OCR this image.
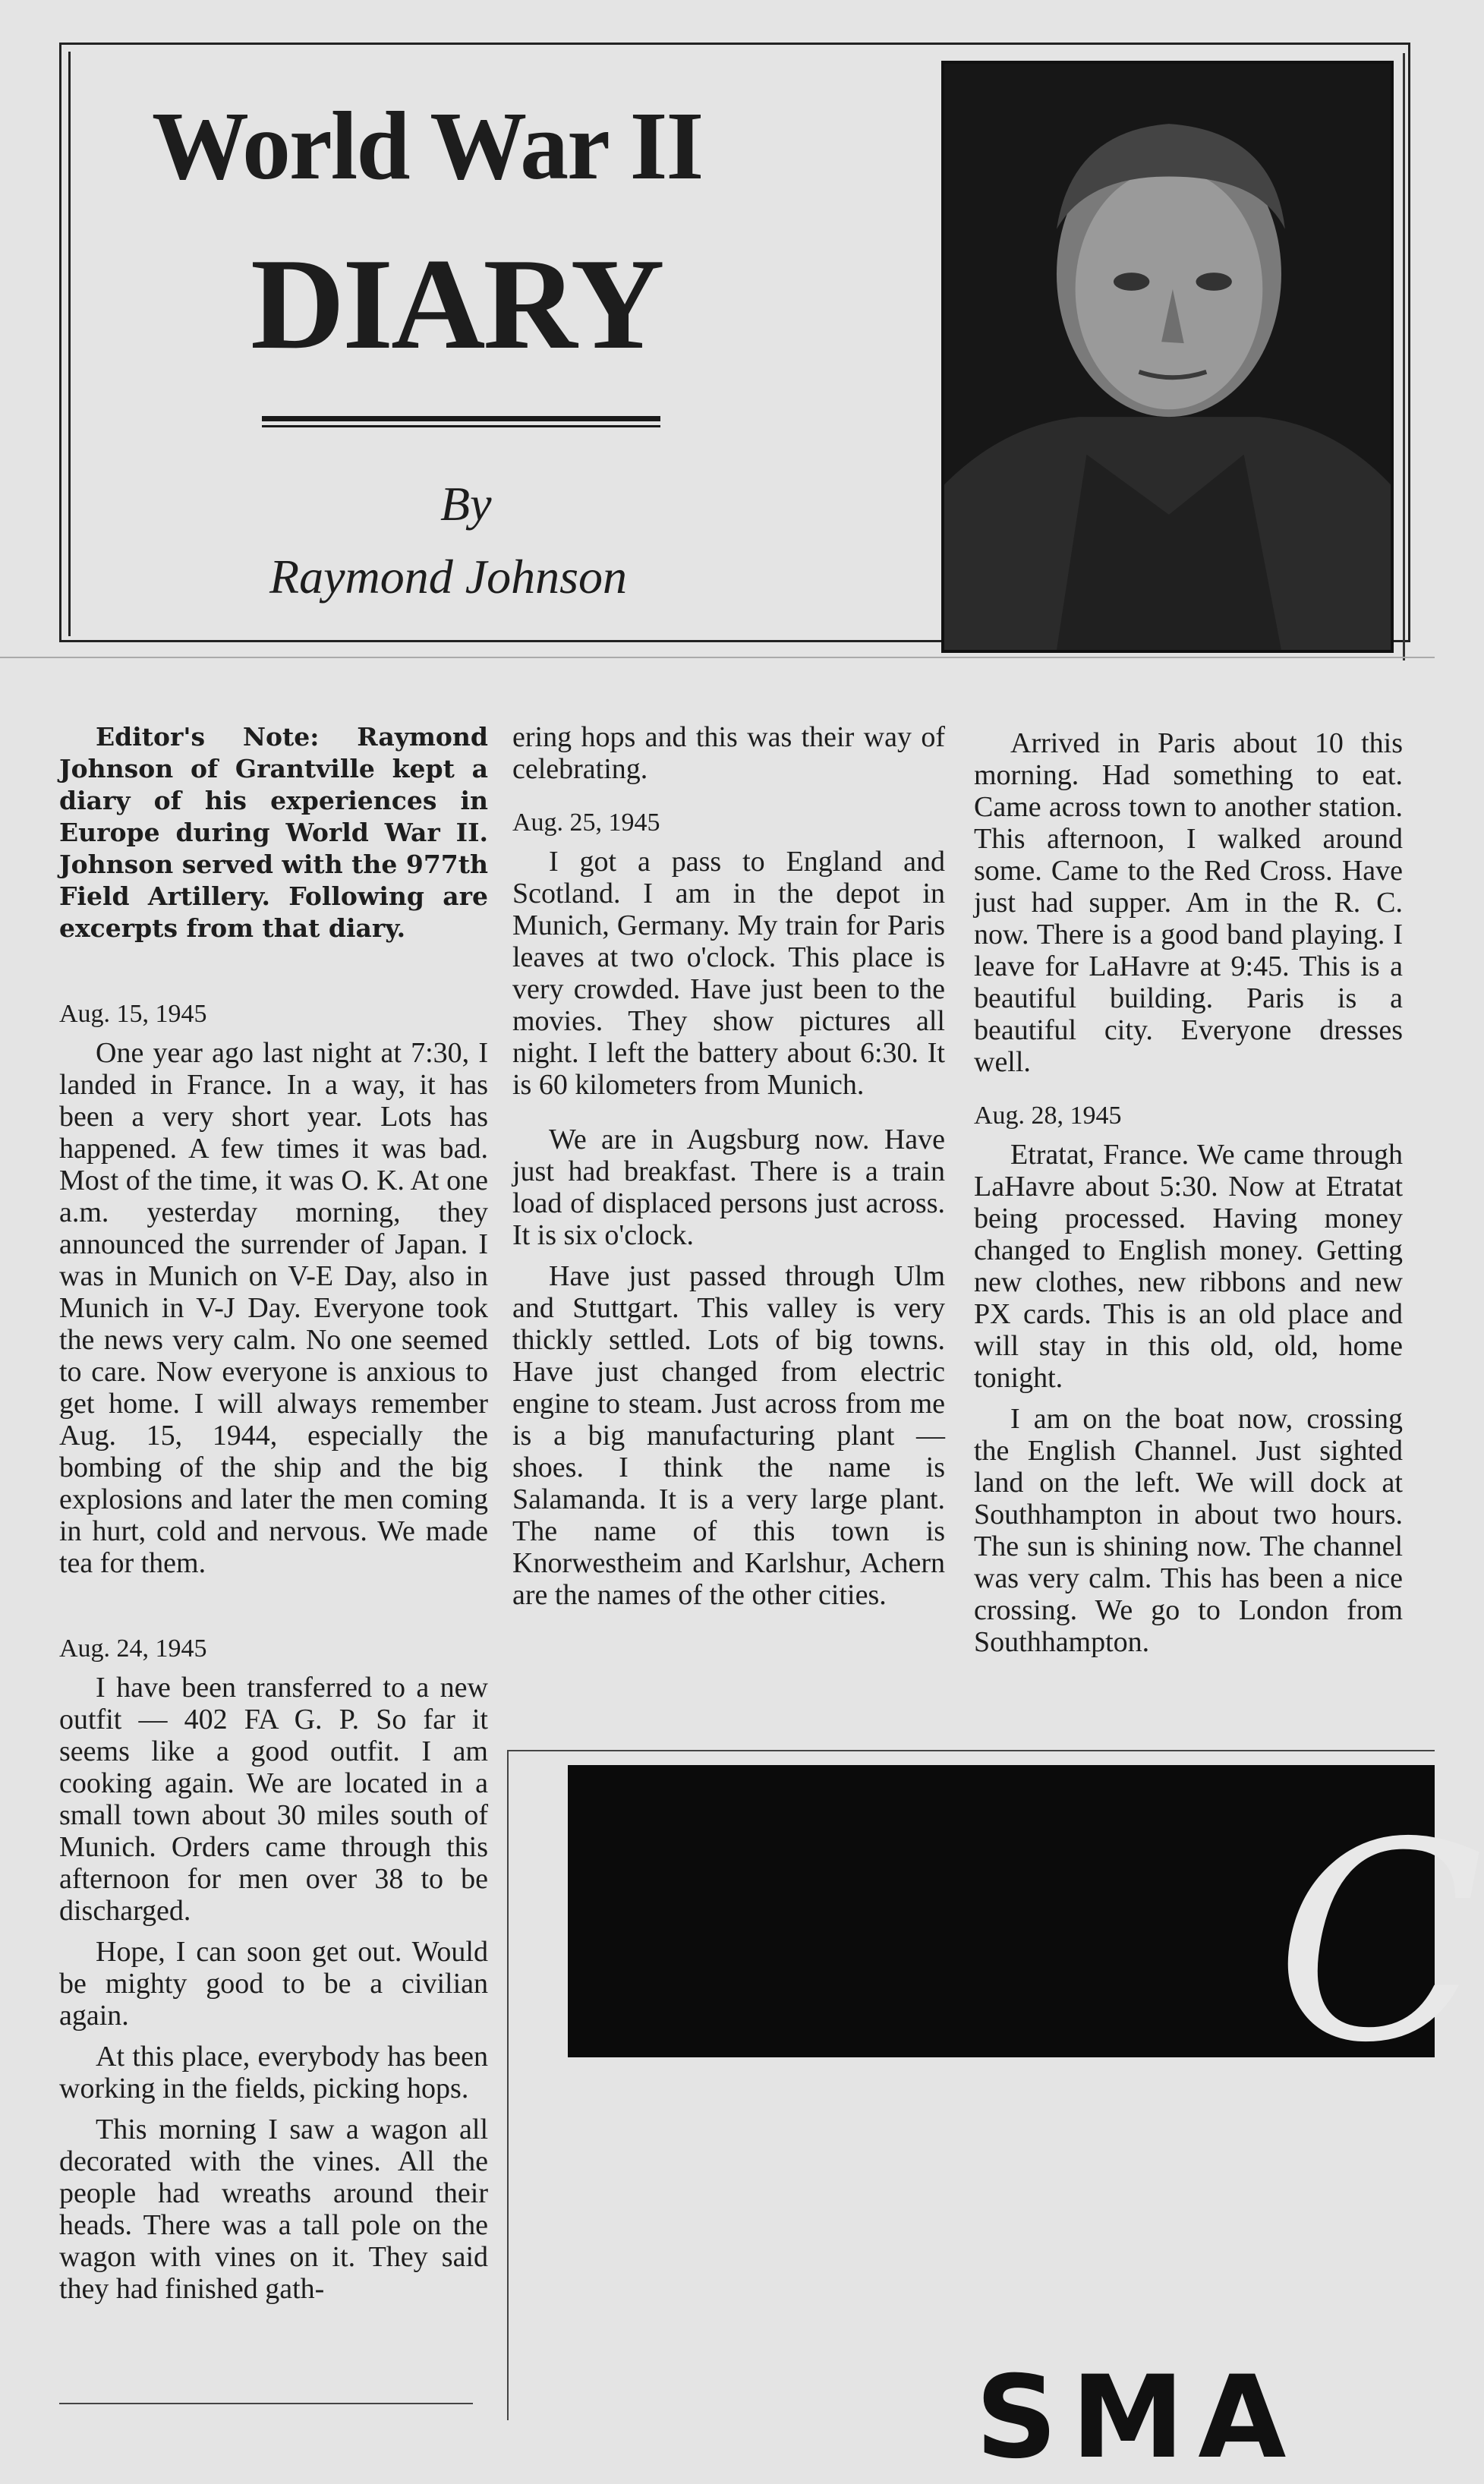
World War II
DIARY
By
Raymond Johnson

Editor's Note: Raymond Johnson of Grantville kept a diary of his experiences in Europe during World War II. Johnson served with the 977th Field Artillery. Following are excerpts from that diary.

Aug. 15, 1945

One year ago last night at 7:30, I landed in France. In a way, it has been a very short year. Lots has happened. A few times it was bad. Most of the time, it was O. K. At one a.m. yesterday morning, they announced the surrender of Japan. I was in Munich on V-E Day, also in Munich in V-J Day. Everyone took the news very calm. No one seemed to care. Now everyone is anxious to get home. I will always remember Aug. 15, 1944, especially the bombing of the ship and the big explosions and later the men coming in hurt, cold and nervous. We made tea for them.

Aug. 24, 1945

I have been transferred to a new outfit — 402 FA G. P. So far it seems like a good outfit. I am cooking again. We are located in a small town about 30 miles south of Munich. Orders came through this afternoon for men over 38 to be discharged.

Hope, I can soon get out. Would be mighty good to be a civilian again.

At this place, everybody has been working in the fields, picking hops.

This morning I saw a wagon all decorated with the vines. All the people had wreaths around their heads. There was a tall pole on the wagon with vines on it. They said they had finished gath-

ering hops and this was their way of celebrating.

Aug. 25, 1945

I got a pass to England and Scotland. I am in the depot in Munich, Germany. My train for Paris leaves at two o'clock. This place is very crowded. Have just been to the movies. They show pictures all night. I left the battery about 6:30. It is 60 kilometers from Munich.

We are in Augsburg now. Have just had breakfast. There is a train load of displaced persons just across. It is six o'clock.

Have just passed through Ulm and Stuttgart. This valley is very thickly settled. Lots of big towns. Have just changed from electric engine to steam. Just across from me is a big manufacturing plant — shoes. I think the name is Salamanda. It is a very large plant. The name of this town is Knorwestheim and Karlshur, Achern are the names of the other cities.

Arrived in Paris about 10 this morning. Had something to eat. Came across town to another station. This afternoon, I walked around some. Came to the Red Cross. Have just had supper. Am in the R. C. now. There is a good band playing. I leave for LaHavre at 9:45. This is a beautiful building. Paris is a beautiful city. Everyone dresses well.

Aug. 28, 1945

Etratat, France. We came through LaHavre about 5:30. Now at Etratat being processed. Having money changed to English money. Getting new clothes, new ribbons and new PX cards. This is an old place and will stay in this old, old, home tonight.

I am on the boat now, crossing the English Channel. Just sighted land on the left. We will dock at Southhampton in about two hours. The sun is shining now. The channel was very calm. This has been a nice crossing. We go to London from Southhampton.

C
SMA
